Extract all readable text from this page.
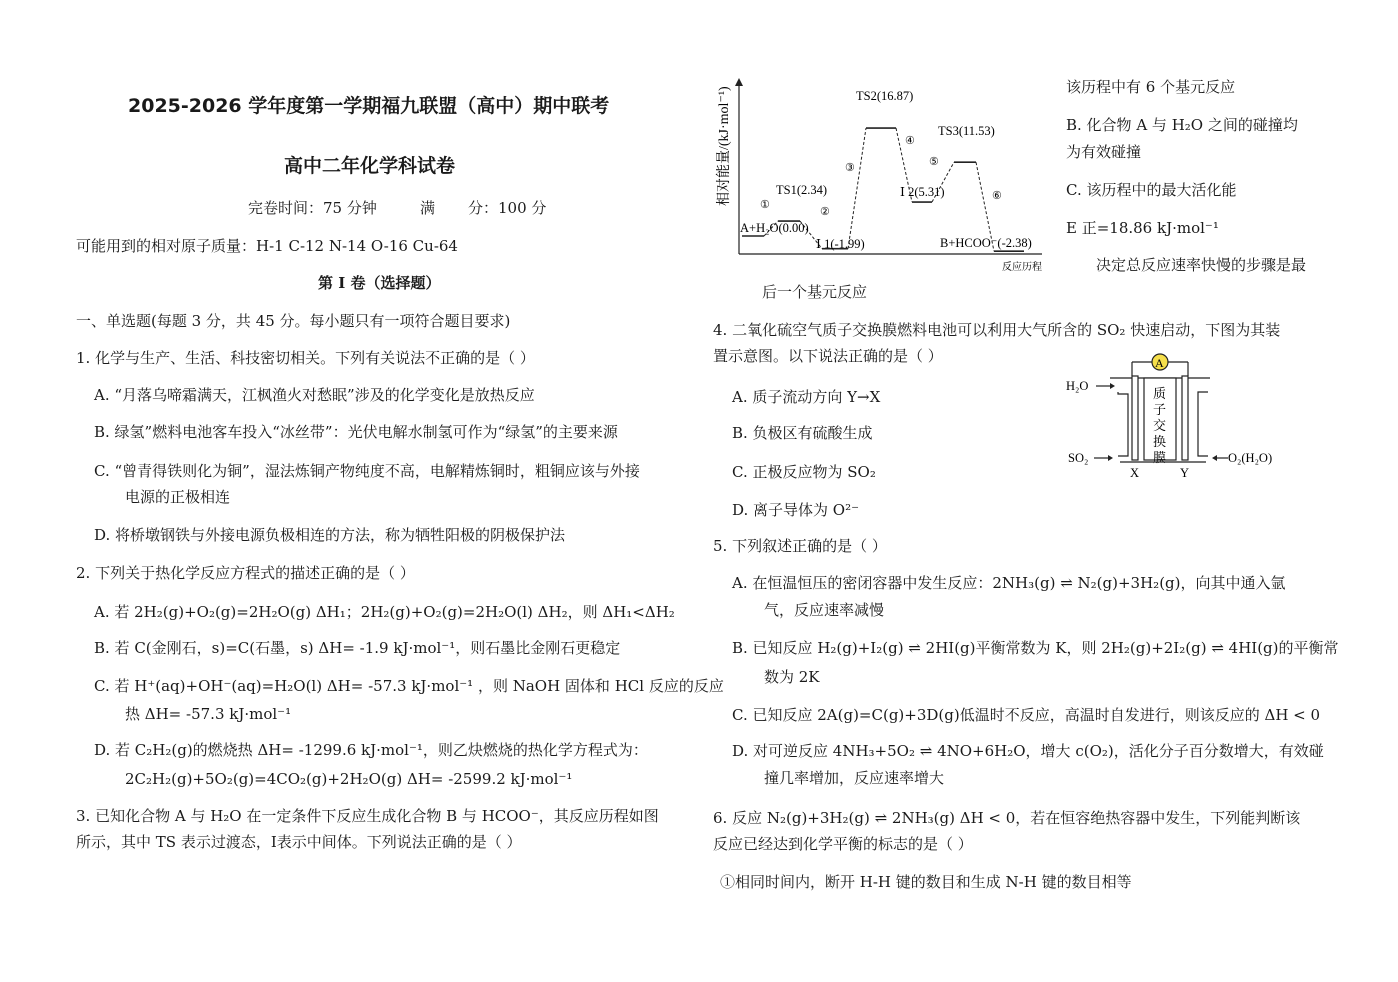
2025-2026 学年度第一学期福九联盟（高中）期中联考
高中二年化学科试卷
完卷时间：75 分钟	满 分：100 分
可能用到的相对原子质量：H-1 C-12 N-14 O-16 Cu-64
第 I 卷（选择题）
一、单选题(每题 3 分，共 45 分。每小题只有一项符合题目要求)
1. 化学与生产、生活、科技密切相关。下列有关说法不正确的是（ ）
A. “月落乌啼霜满天，江枫渔火对愁眠”涉及的化学变化是放热反应
B. 绿氢”燃料电池客车投入“冰丝带”：光伏电解水制氢可作为“绿氢”的主要来源
C. “曾青得铁则化为铜”，湿法炼铜产物纯度不高，电解精炼铜时，粗铜应该与外接
电源的正极相连
D. 将桥墩钢铁与外接电源负极相连的方法，称为牺牲阳极的阴极保护法
2. 下列关于热化学反应方程式的描述正确的是（ ）
A. 若 2H₂(g)+O₂(g)=2H₂O(g) ΔH₁；2H₂(g)+O₂(g)=2H₂O(l) ΔH₂，则 ΔH₁<ΔH₂
B. 若 C(金刚石，s)=C(石墨，s) ΔH= -1.9 kJ·mol⁻¹，则石墨比金刚石更稳定
C. 若 H⁺(aq)+OH⁻(aq)=H₂O(l) ΔH= -57.3 kJ·mol⁻¹ ，则 NaOH 固体和 HCl 反应的反应
热 ΔH= -57.3 kJ·mol⁻¹
D. 若 C₂H₂(g)的燃烧热 ΔH= -1299.6 kJ·mol⁻¹，则乙炔燃烧的热化学方程式为：
2C₂H₂(g)+5O₂(g)=4CO₂(g)+2H₂O(g) ΔH= -2599.2 kJ·mol⁻¹
3. 已知化合物 A 与 H₂O 在一定条件下反应生成化合物 B 与 HCOO⁻，其反应历程如图
所示，其中 TS 表示过渡态，Ⅰ表示中间体。下列说法正确的是（ ）
相对能量/(kJ·mol⁻¹)
反应历程
A+H₂O(0.00)
TS1(2.34)
Ⅰ 1(-1.99)
TS2(16.87)
Ⅰ 2(5.31)
TS3(11.53)
B+HCOO⁻(-2.38)
①
②
③
④
⑤
⑥
该历程中有 6 个基元反应
B. 化合物 A 与 H₂O 之间的碰撞均
为有效碰撞
C. 该历程中的最大活化能
E 正=18.86 kJ·mol⁻¹
决定总反应速率快慢的步骤是最
后一个基元反应
4. 二氧化硫空气质子交换膜燃料电池可以利用大气所含的 SO₂ 快速启动，下图为其装
置示意图。以下说法正确的是（ ）
A. 质子流动方向 Y→X
B. 负极区有硫酸生成
C. 正极反应物为 SO₂
D. 离子导体为 O²⁻
A
质
子
交
换
膜
H₂O
SO₂	O₂(H₂O)
X	Y
5. 下列叙述正确的是（ ）
A. 在恒温恒压的密闭容器中发生反应：2NH₃(g) ⇌ N₂(g)+3H₂(g)，向其中通入氩
气，反应速率减慢
B. 已知反应 H₂(g)+I₂(g) ⇌ 2HI(g)平衡常数为 K，则 2H₂(g)+2I₂(g) ⇌ 4HI(g)的平衡常
数为 2K
C. 已知反应 2A(g)=C(g)+3D(g)低温时不反应，高温时自发进行，则该反应的 ΔH < 0
D. 对可逆反应 4NH₃+5O₂ ⇌ 4NO+6H₂O，增大 c(O₂)，活化分子百分数增大，有效碰
撞几率增加，反应速率增大
6. 反应 N₂(g)+3H₂(g) ⇌ 2NH₃(g) ΔH < 0，若在恒容绝热容器中发生，下列能判断该
反应已经达到化学平衡的标志的是（ ）
①相同时间内，断开 H-H 键的数目和生成 N-H 键的数目相等
